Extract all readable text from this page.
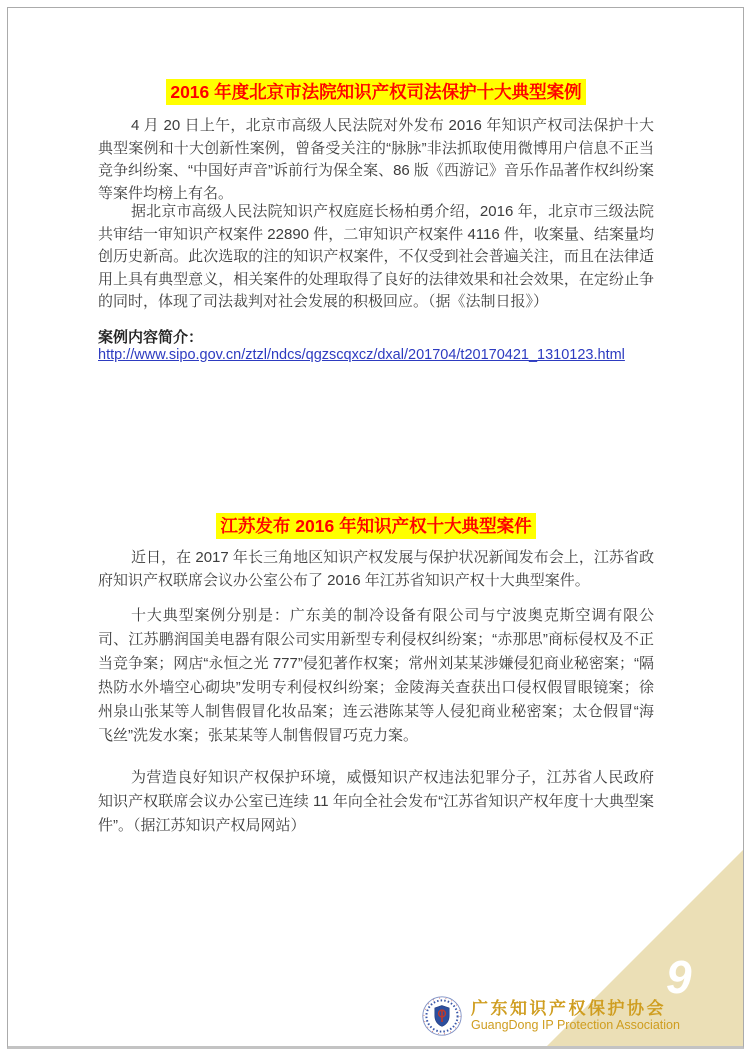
2016 年度北京市法院知识产权司法保护十大典型案例

4 月 20 日上午，北京市高级人民法院对外发布 2016 年知识产权司法保护十大典型案例和十大创新性案例，曾备受关注的“脉脉”非法抓取使用微博用户信息不正当竞争纠纷案、“中国好声音”诉前行为保全案、86 版《西游记》音乐作品著作权纠纷案等案件均榜上有名。

据北京市高级人民法院知识产权庭庭长杨柏勇介绍，2016 年，北京市三级法院共审结一审知识产权案件 22890 件，二审知识产权案件 4116 件，收案量、结案量均创历史新高。此次选取的注的知识产权案件，不仅受到社会普遍关注，而且在法律适用上具有典型意义，相关案件的处理取得了良好的法律效果和社会效果，在定纷止争的同时，体现了司法裁判对社会发展的积极回应。（据《法制日报》）

案例内容简介：

http://www.sipo.gov.cn/ztzl/ndcs/qgzscqxcz/dxal/201704/t20170421_1310123.html
江苏发布 2016 年知识产权十大典型案件

近日，在 2017 年长三角地区知识产权发展与保护状况新闻发布会上，江苏省政府知识产权联席会议办公室公布了 2016 年江苏省知识产权十大典型案件。

十大典型案例分别是：广东美的制冷设备有限公司与宁波奥克斯空调有限公司、江苏鹏润国美电器有限公司实用新型专利侵权纠纷案；“赤那思”商标侵权及不正当竞争案；网店“永恒之光 777”侵犯著作权案；常州刘某某涉嫌侵犯商业秘密案；“隔热防水外墙空心砌块”发明专利侵权纠纷案；金陵海关查获出口侵权假冒眼镜案；徐州泉山张某等人制售假冒化妆品案；连云港陈某等人侵犯商业秘密案；太仓假冒“海飞丝”洗发水案；张某某等人制售假冒巧克力案。

为营造良好知识产权保护环境，威慑知识产权违法犯罪分子，江苏省人民政府知识产权联席会议办公室已连续 11 年向全社会发布“江苏省知识产权年度十大典型案件”。（据江苏知识产权局网站）

9
广东知识产权保护协会
GuangDong IP Protection Association
